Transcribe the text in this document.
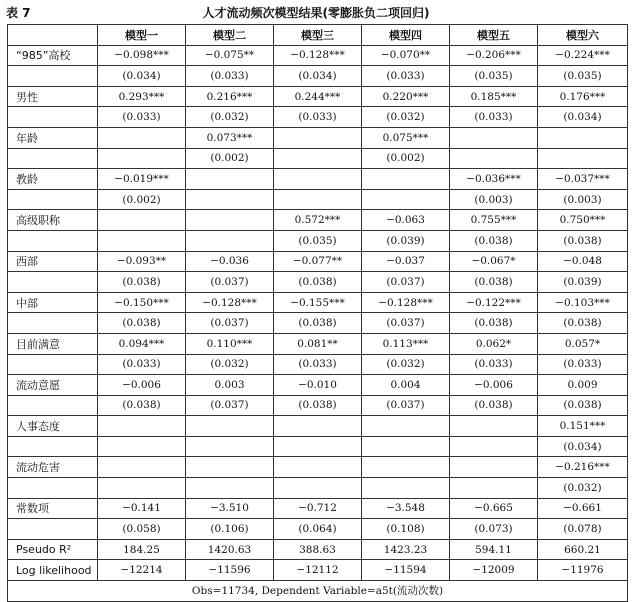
人才流动频次模型结果(零膨胀负二项回归)
表 7
	模型一	模型二	模型三	模型四	模型五	模型六
“985”高校	−0.098***	−0.075**	−0.128***	−0.070**	−0.206***	−0.224***
	(0.034)	(0.033)	(0.034)	(0.033)	(0.035)	(0.035)
男性	0.293***	0.216***	0.244***	0.220***	0.185***	0.176***
	(0.033)	(0.032)	(0.033)	(0.032)	(0.033)	(0.034)
年龄		0.073***		0.075***		
		(0.002)		(0.002)		
教龄	−0.019***				−0.036***	−0.037***
	(0.002)				(0.003)	(0.003)
高级职称			0.572***	−0.063	0.755***	0.750***
			(0.035)	(0.039)	(0.038)	(0.038)
西部	−0.093**	−0.036	−0.077**	−0.037	−0.067*	−0.048
	(0.038)	(0.037)	(0.038)	(0.037)	(0.038)	(0.039)
中部	−0.150***	−0.128***	−0.155***	−0.128***	−0.122***	−0.103***
	(0.038)	(0.037)	(0.038)	(0.037)	(0.038)	(0.038)
目前满意	0.094***	0.110***	0.081**	0.113***	0.062*	0.057*
	(0.033)	(0.032)	(0.033)	(0.032)	(0.033)	(0.033)
流动意愿	−0.006	0.003	−0.010	0.004	−0.006	0.009
	(0.038)	(0.037)	(0.038)	(0.037)	(0.038)	(0.038)
人事态度						0.151***
						(0.034)
流动危害						−0.216***
						(0.032)
常数项	−0.141	−3.510	−0.712	−3.548	−0.665	−0.661
	(0.058)	(0.106)	(0.064)	(0.108)	(0.073)	(0.078)
Pseudo R²	184.25	1420.63	388.63	1423.23	594.11	660.21
Log likelihood	−12214	−11596	−12112	−11594	−12009	−11976
Obs=11734, Dependent Variable=a5t(流动次数)						
